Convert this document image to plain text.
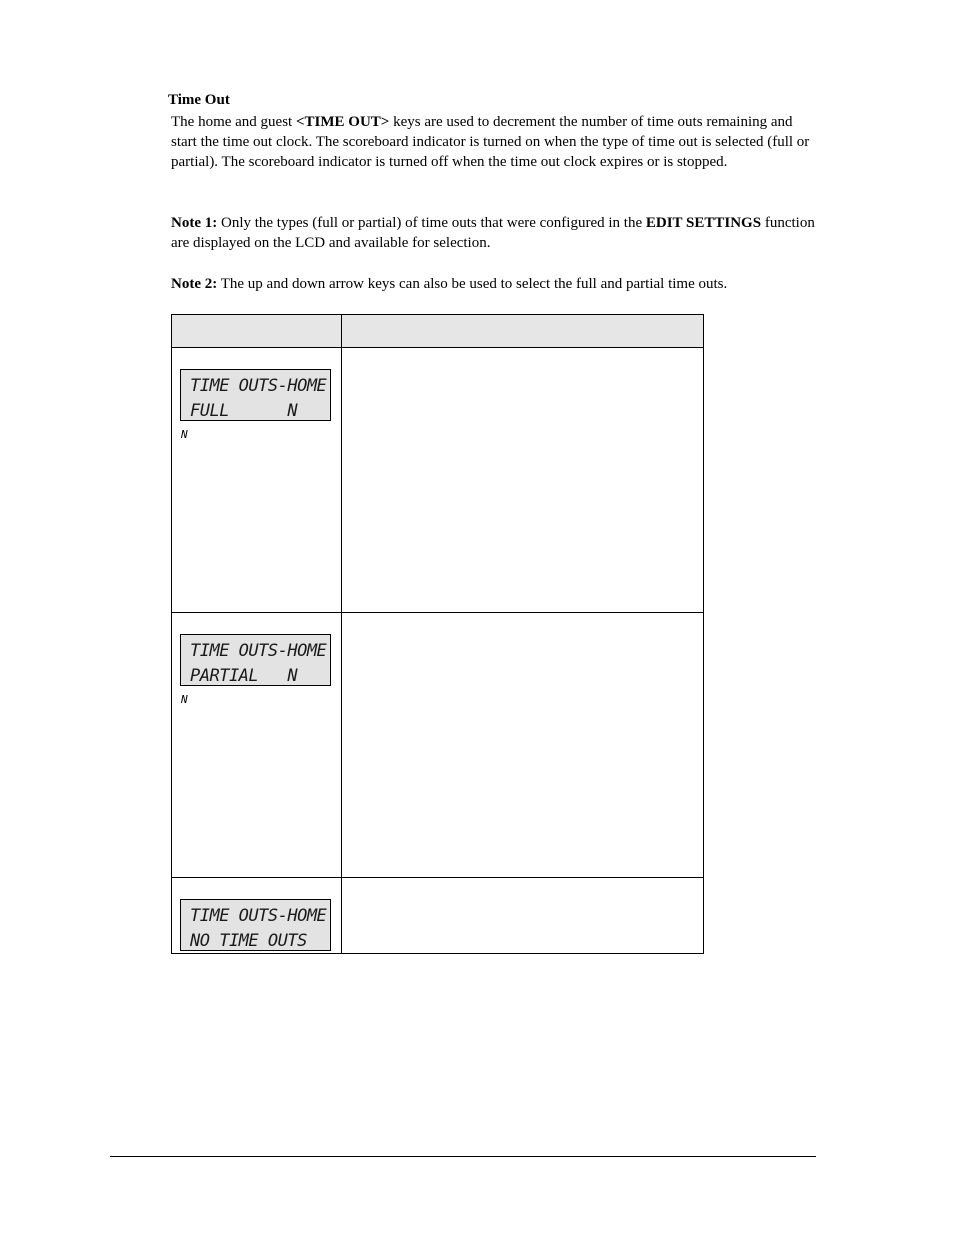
Time Out
The home and guest <TIME OUT> keys are used to decrement the number of time outs remaining and start the time out clock. The scoreboard indicator is turned on when the type of time out is selected (full or partial). The scoreboard indicator is turned off when the time out clock expires or is stopped.
Note 1: Only the types (full or partial) of time outs that were configured in the EDIT SETTINGS function are displayed on the LCD and available for selection.
Note 2: The up and down arrow keys can also be used to select the full and partial time outs.
TIME OUTS-HOME
FULL      N
N
TIME OUTS-HOME
PARTIAL   N
N
TIME OUTS-HOME
NO TIME OUTS
